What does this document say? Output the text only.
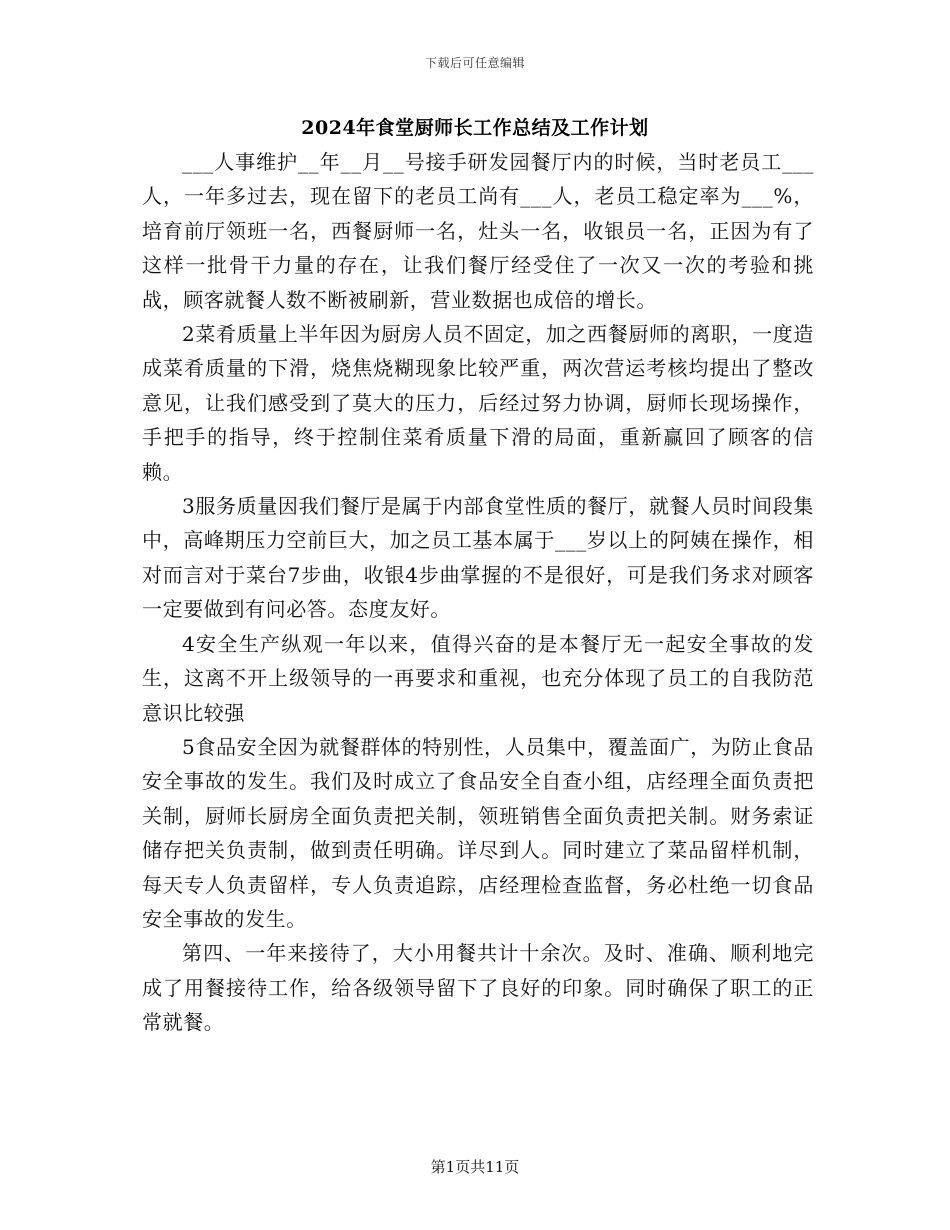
下载后可任意编辑
2024年食堂厨师长工作总结及工作计划

___人事维护__年__月__号接手研发园餐厅内的时候，当时老员工___人，一年多过去，现在留下的老员工尚有___人，老员工稳定率为___%，培育前厅领班一名，西餐厨师一名，灶头一名，收银员一名，正因为有了这样一批骨干力量的存在，让我们餐厅经受住了一次又一次的考验和挑战，顾客就餐人数不断被刷新，营业数据也成倍的增长。

2菜肴质量上半年因为厨房人员不固定，加之西餐厨师的离职，一度造成菜肴质量的下滑，烧焦烧糊现象比较严重，两次营运考核均提出了整改意见，让我们感受到了莫大的压力，后经过努力协调，厨师长现场操作，手把手的指导，终于控制住菜肴质量下滑的局面，重新赢回了顾客的信赖。

3服务质量因我们餐厅是属于内部食堂性质的餐厅，就餐人员时间段集中，高峰期压力空前巨大，加之员工基本属于___岁以上的阿姨在操作，相对而言对于菜台7步曲，收银4步曲掌握的不是很好，可是我们务求对顾客一定要做到有问必答。态度友好。

4安全生产纵观一年以来，值得兴奋的是本餐厅无一起安全事故的发生，这离不开上级领导的一再要求和重视，也充分体现了员工的自我防范意识比较强

5食品安全因为就餐群体的特别性，人员集中，覆盖面广，为防止食品安全事故的发生。我们及时成立了食品安全自查小组，店经理全面负责把关制，厨师长厨房全面负责把关制，领班销售全面负责把关制。财务索证储存把关负责制，做到责任明确。详尽到人。同时建立了菜品留样机制，每天专人负责留样，专人负责追踪，店经理检查监督，务必杜绝一切食品安全事故的发生。

第四、一年来接待了，大小用餐共计十余次。及时、准确、顺利地完成了用餐接待工作，给各级领导留下了良好的印象。同时确保了职工的正常就餐。

第1页共11页
